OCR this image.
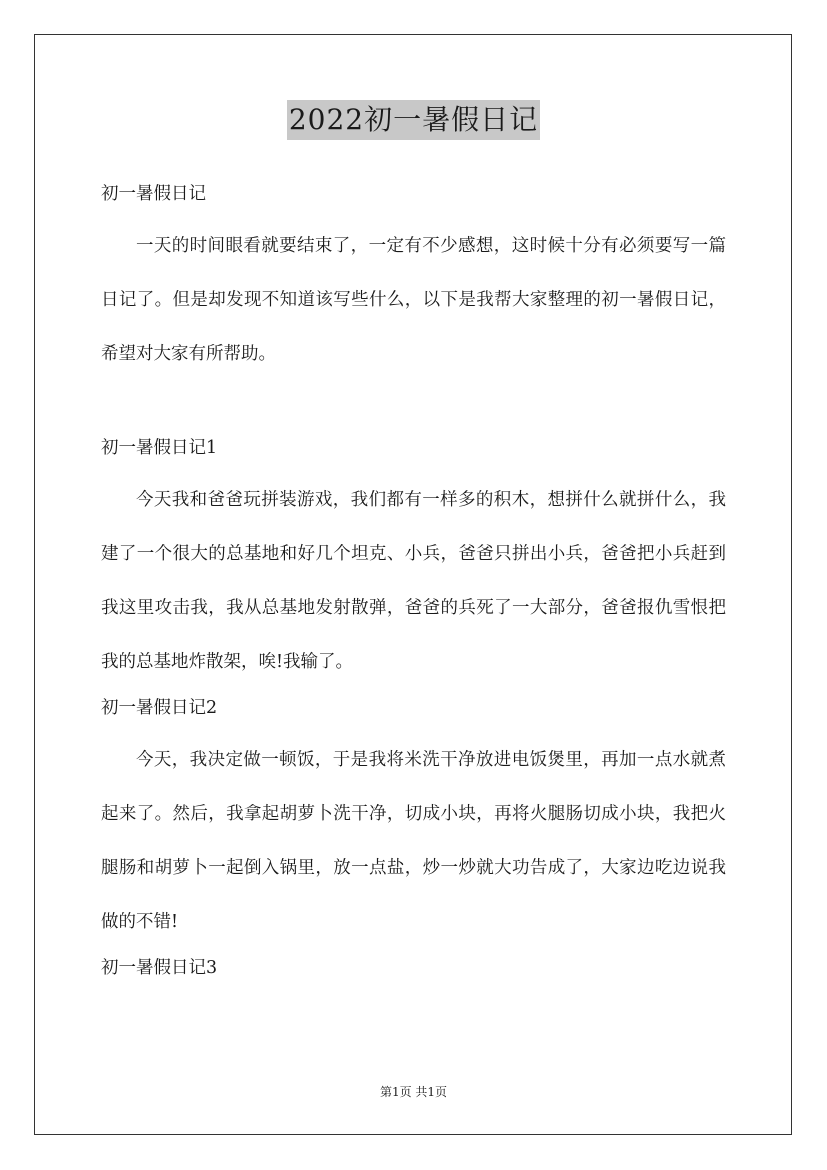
2022初一暑假日记
初一暑假日记
一天的时间眼看就要结束了，一定有不少感想，这时候十分有必须要写一篇日记了。但是却发现不知道该写些什么，以下是我帮大家整理的初一暑假日记，希望对大家有所帮助。
初一暑假日记1
今天我和爸爸玩拼装游戏，我们都有一样多的积木，想拼什么就拼什么，我建了一个很大的总基地和好几个坦克、小兵，爸爸只拼出小兵，爸爸把小兵赶到我这里攻击我，我从总基地发射散弹，爸爸的兵死了一大部分，爸爸报仇雪恨把我的总基地炸散架，唉!我输了。
初一暑假日记2
今天，我决定做一顿饭，于是我将米洗干净放进电饭煲里，再加一点水就煮起来了。然后，我拿起胡萝卜洗干净，切成小块，再将火腿肠切成小块，我把火腿肠和胡萝卜一起倒入锅里，放一点盐，炒一炒就大功告成了，大家边吃边说我做的不错!
初一暑假日记3
第1页 共1页
